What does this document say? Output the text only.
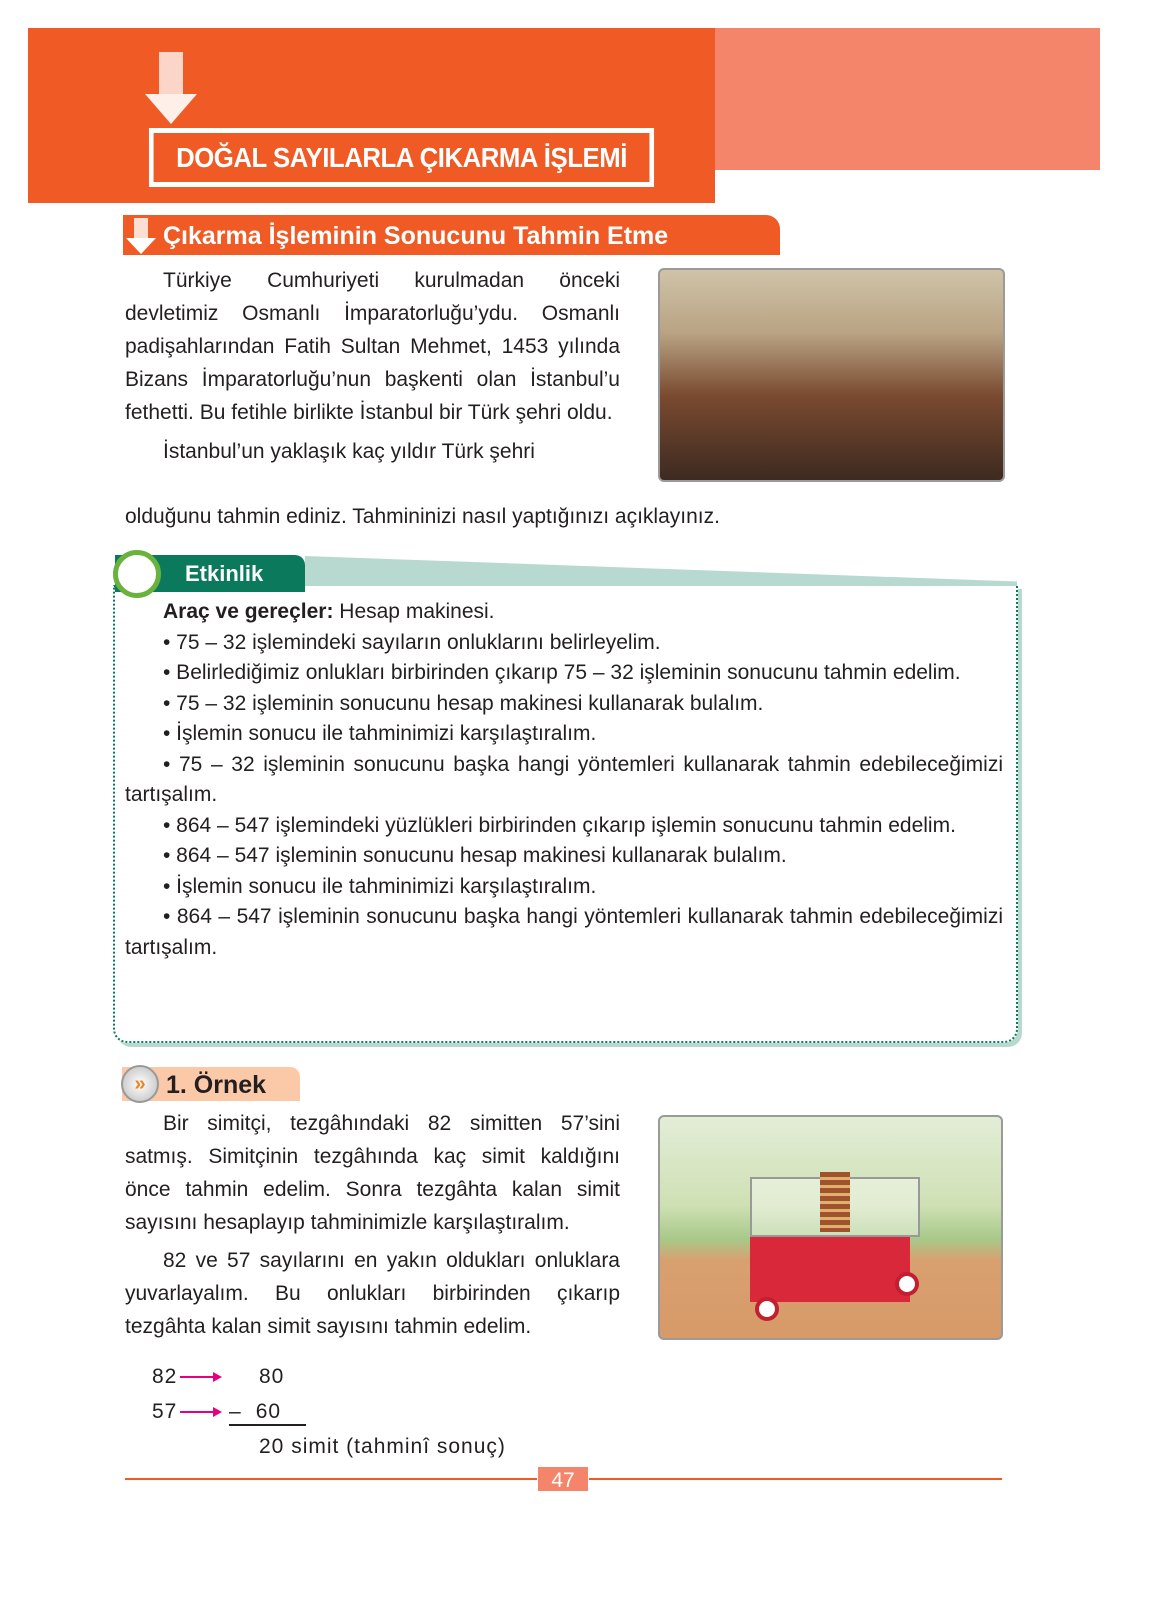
DOĞAL SAYILARLA ÇIKARMA İŞLEMİ
Çıkarma İşleminin Sonucunu Tahmin Etme

Türkiye Cumhuriyeti kurulmadan önceki devletimiz Osmanlı İmparatorluğu’ydu. Osmanlı padişahlarından Fatih Sultan Mehmet, 1453 yılında Bizans İmparatorluğu’nun başkenti olan İstanbul’u fethetti. Bu fetihle birlikte İstanbul bir Türk şehri oldu.

İstanbul’un yaklaşık kaç yıldır Türk şehri

olduğunu tahmin ediniz. Tahmininizi nasıl yaptığınızı açıklayınız.

Etkinlik

Araç ve gereçler: Hesap makinesi.

• 75 – 32 işlemindeki sayıların onluklarını belirleyelim.

• Belirlediğimiz onlukları birbirinden çıkarıp 75 – 32 işleminin sonucunu tahmin edelim.

• 75 – 32 işleminin sonucunu hesap makinesi kullanarak bulalım.

• İşlemin sonucu ile tahminimizi karşılaştıralım.

• 75 – 32 işleminin sonucunu başka hangi yöntemleri kullanarak tahmin edebileceğimizi tartışalım.

• 864 – 547 işlemindeki yüzlükleri birbirinden çıkarıp işlemin sonucunu tahmin edelim.

• 864 – 547 işleminin sonucunu hesap makinesi kullanarak bulalım.

• İşlemin sonucu ile tahminimizi karşılaştıralım.

• 864 – 547 işleminin sonucunu başka hangi yöntemleri kullanarak tahmin edebileceğimizi tartışalım.

1. Örnek
»

Bir simitçi, tezgâhındaki 82 simitten 57’sini satmış. Simitçinin tezgâhında kaç simit kaldığını önce tahmin edelim. Sonra tezgâhta kalan simit sayısını hesaplayıp tahminimizle karşılaştıralım.

82 ve 57 sayılarını en yakın oldukları onluklara yuvarlayalım. Bu onlukları birbirinden çıkarıp tezgâhta kalan simit sayısını tahmin edelim.

82	80
57 – 60
20 simit (tahminî sonuç)
47
